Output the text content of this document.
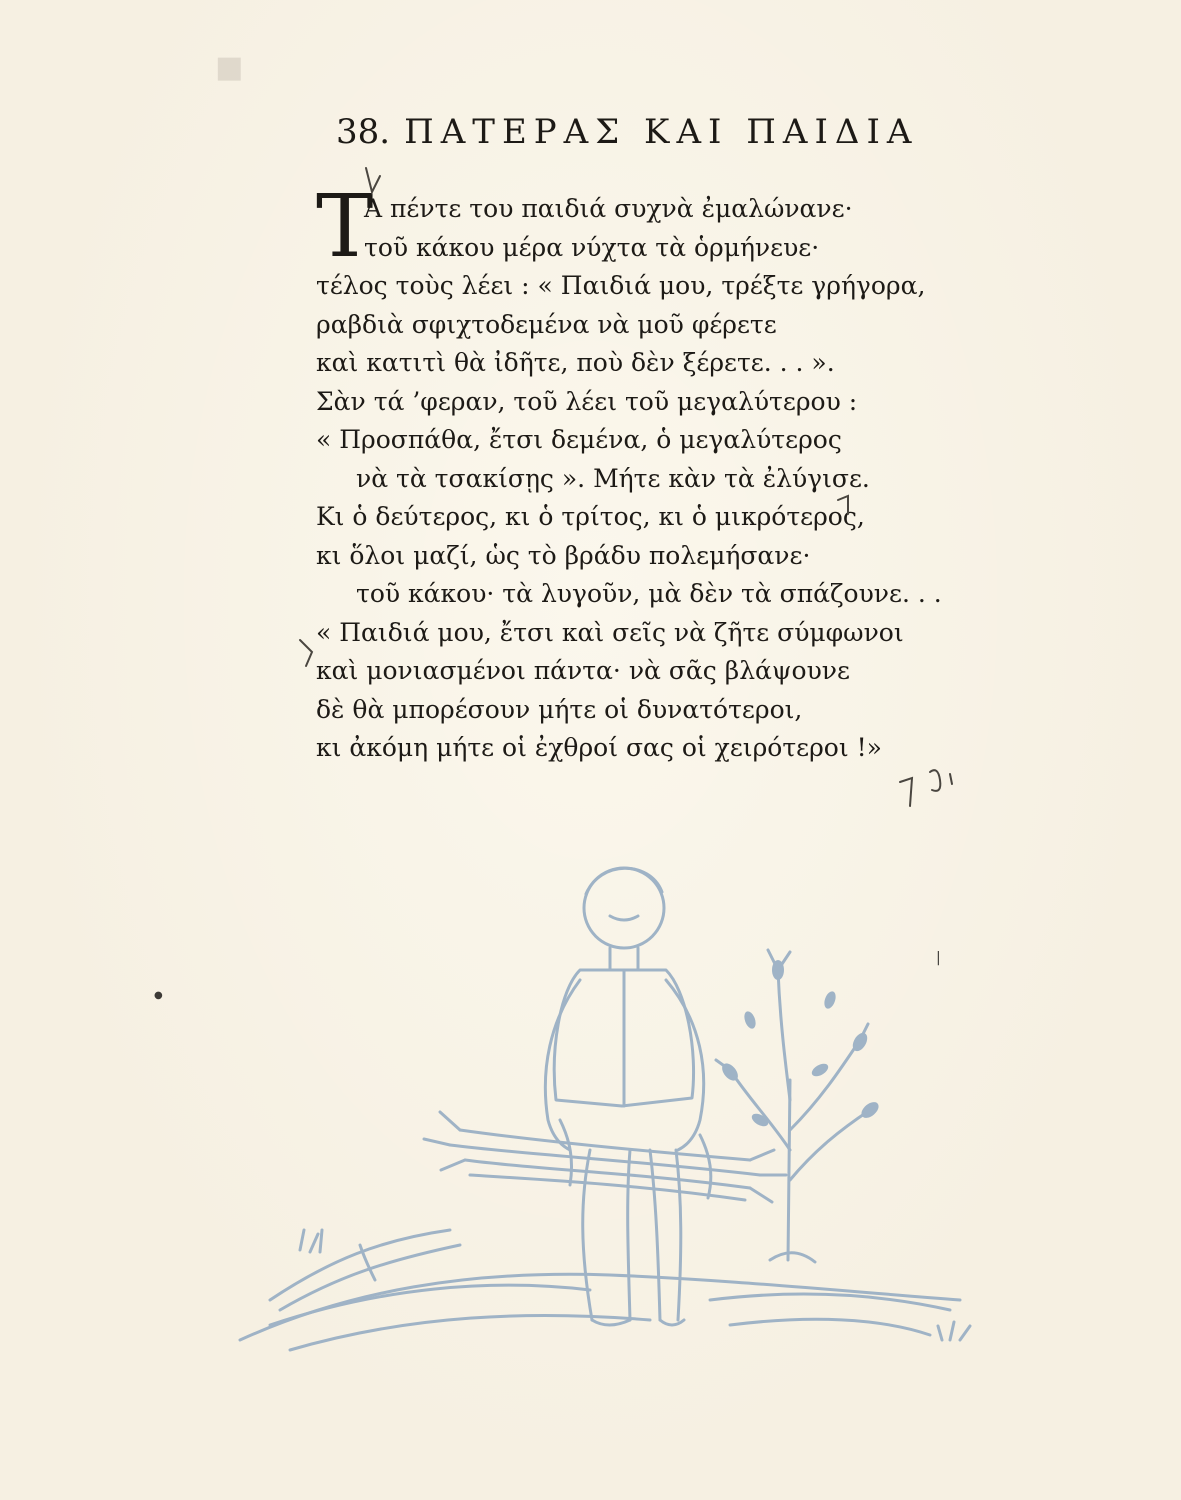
■
38. ΠΑΤΕΡΑΣ ΚΑΙ ΠΑΙΔΙΑ
Τ
Α πέντε του παιδιά συχνὰ ἐμαλώνανε·
τοῦ κάκου μέρα νύχτα τὰ ὁρμήνευε·
τέλος τοὺς λέει : « Παιδιά μου, τρέξτε γρήγορα,
ραβδιὰ σφιχτοδεμένα νὰ μοῦ φέρετε
καὶ κατιτὶ θὰ ἰδῆτε, ποὺ δὲν ξέρετε. . . ».
Σὰν τά ’φεραν, τοῦ λέει τοῦ μεγαλύτερου :
« Προσπάθα, ἔτσι δεμένα, ὁ μεγαλύτερος
νὰ τὰ τσακίσῃς ». Μήτε κὰν τὰ ἐλύγισε.
Κι ὁ δεύτερος, κι ὁ τρίτος, κι ὁ μικρότερος,
κι ὅλοι μαζί, ὡς τὸ βράδυ πολεμήσανε·
τοῦ κάκου· τὰ λυγοῦν, μὰ δὲν τὰ σπάζουνε. . .
« Παιδιά μου, ἔτσι καὶ σεῖς νὰ ζῆτε σύμφωνοι
καὶ μονιασμένοι πάντα· νὰ σᾶς βλάψουνε
δὲ θὰ μπορέσουν μήτε οἱ δυνατότεροι,
κι ἀκόμη μήτε οἱ ἐχθροί σας οἱ χειρότεροι !»
●
|
